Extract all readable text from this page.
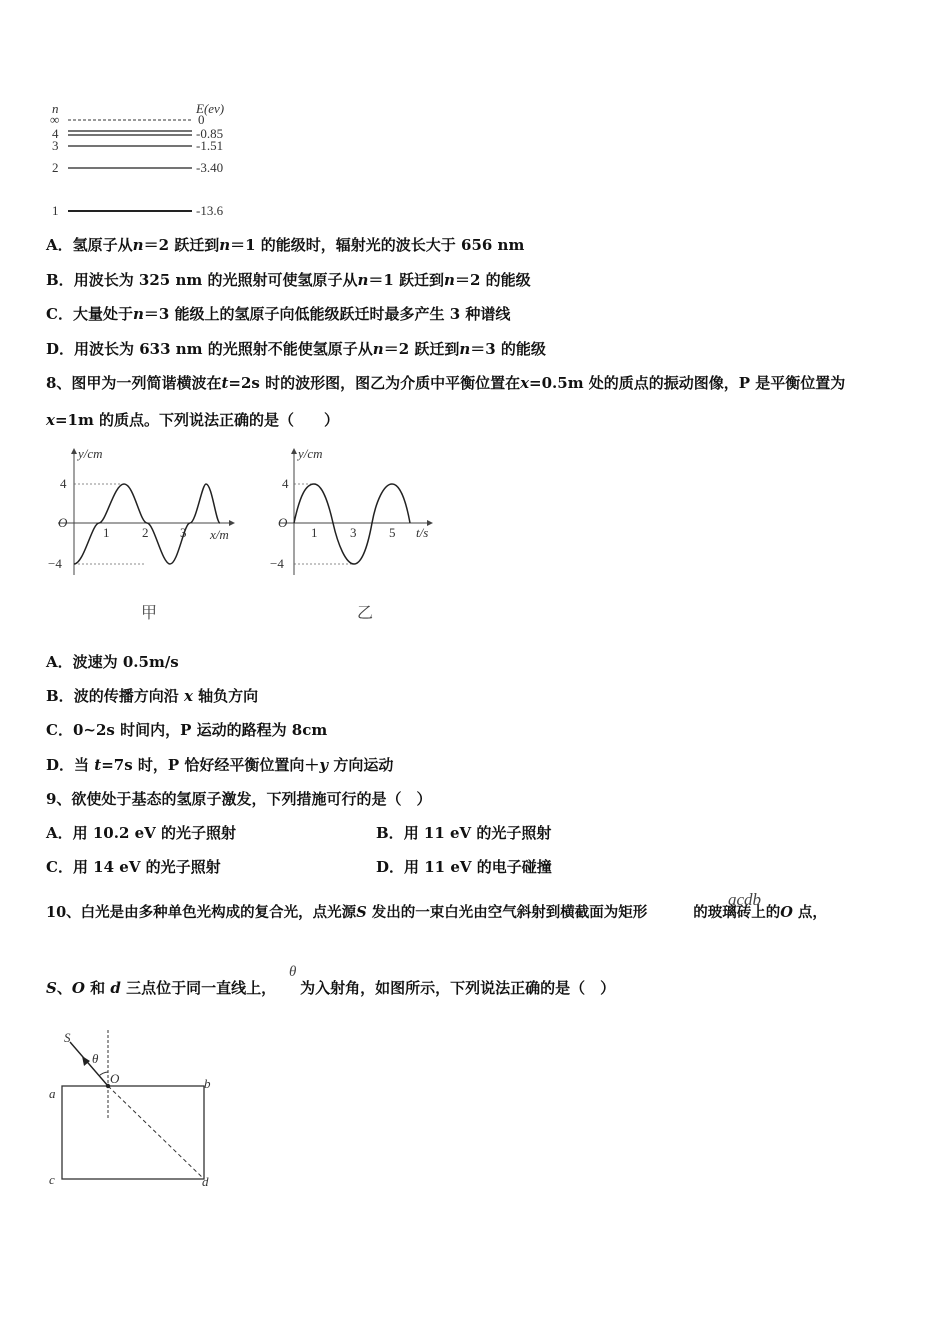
n	E(ev)
∞	0
4	-0.85
3	-1.51
2	-3.40
1	-13.6
A．氢原子从n＝2 跃迁到n＝1 的能级时，辐射光的波长大于 656 nm
B．用波长为 325 nm 的光照射可使氢原子从n＝1 跃迁到n＝2 的能级
C．大量处于n＝3 能级上的氢原子向低能级跃迁时最多产生 3 种谱线
D．用波长为 633 nm 的光照射不能使氢原子从n＝2 跃迁到n＝3 的能级
8、图甲为一列简谐横波在t=2s 时的波形图，图乙为介质中平衡位置在x=0.5m 处的质点的振动图像，P 是平衡位置为
x=1m 的质点。下列说法正确的是（　　）
y/cm
x/m
O
4
−4
1	2 3
甲
y/cm
t/s
O
4
−4
1	3	5
乙
A．波速为 0.5m/s
B．波的传播方向沿 x 轴负方向
C．0~2s 时间内，P 运动的路程为 8cm
D．当 t=7s 时，P 恰好经平衡位置向＋y 方向运动
9、欲使处于基态的氢原子激发，下列措施可行的是（　）
A．用 10.2 eV 的光子照射	B．用 11 eV 的光子照射
C．用 14 eV 的光子照射	D．用 11 eV 的电子碰撞
10、白光是由多种单色光构成的复合光，点光源S 发出的一束白光由空气斜射到横截面为矩形	的玻璃砖上的O 点，
acdb
S、O 和 d 三点位于同一直线上， 为入射角，如图所示，下列说法正确的是（　）
θ
S
θ
O
a
b
c	d
